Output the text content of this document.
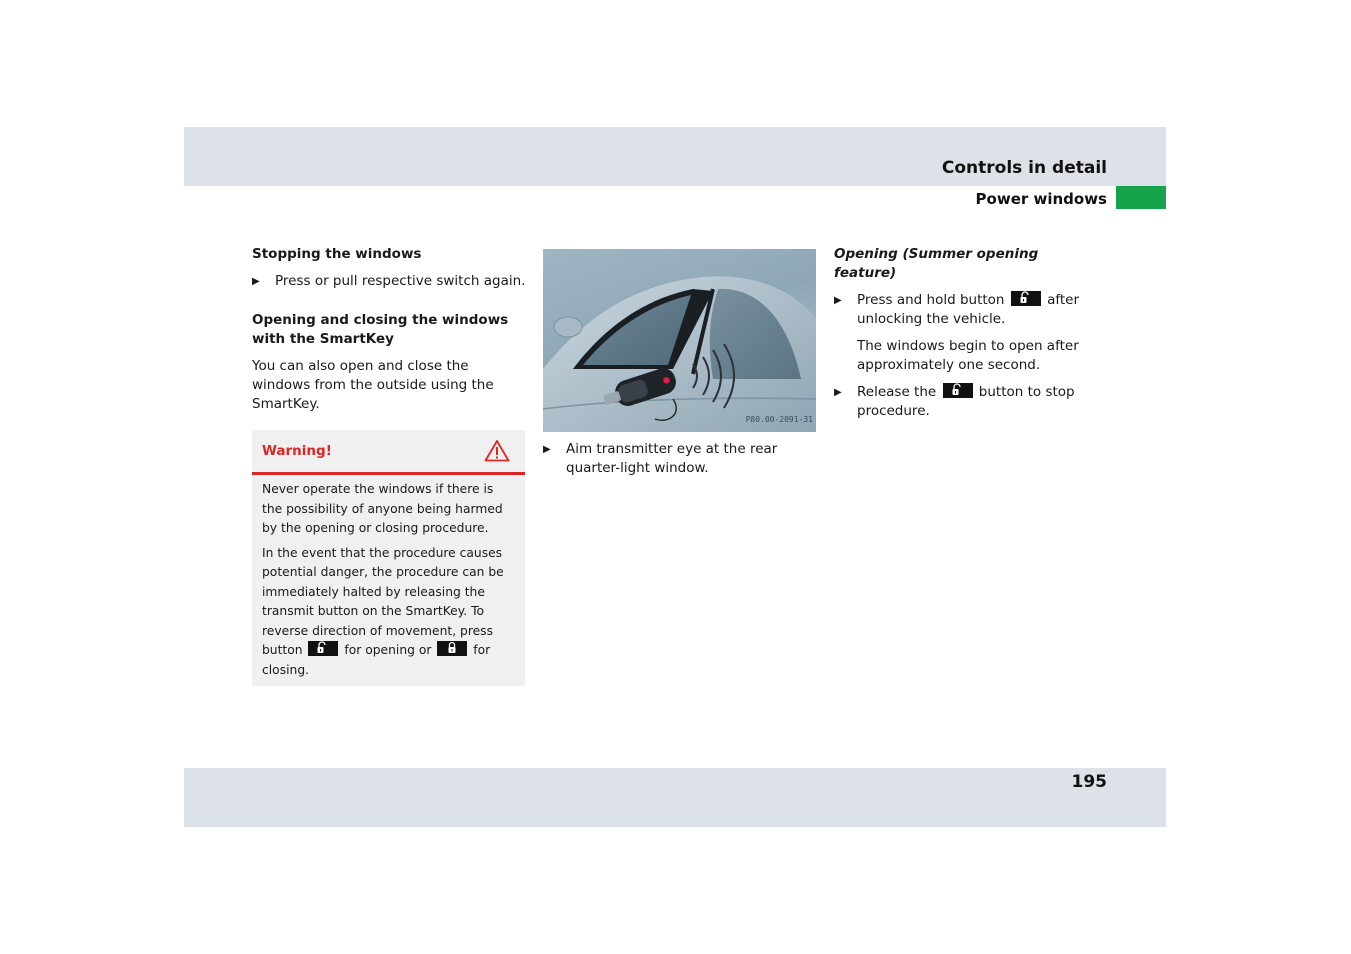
Controls in detail
Power windows
Stopping the windows
▶ Press or pull respective switch again.
Opening and closing the windows with the SmartKey

You can also open and close the windows from the outside using the SmartKey.

Warning!

Never operate the windows if there is the possibility of anyone being harmed by the opening or closing procedure.

In the event that the procedure causes potential danger, the procedure can be immediately halted by releasing the transmit button on the SmartKey. To reverse direction of movement, press button	for opening or	for closing.

P80.00-2091-31
▶ Aim transmitter eye at the rear quarter-light window.
Opening (Summer opening feature)
▶ Press and hold button	after unlocking the vehicle.

The windows begin to open after approximately one second.

▶ Release the	button to stop procedure.
195
